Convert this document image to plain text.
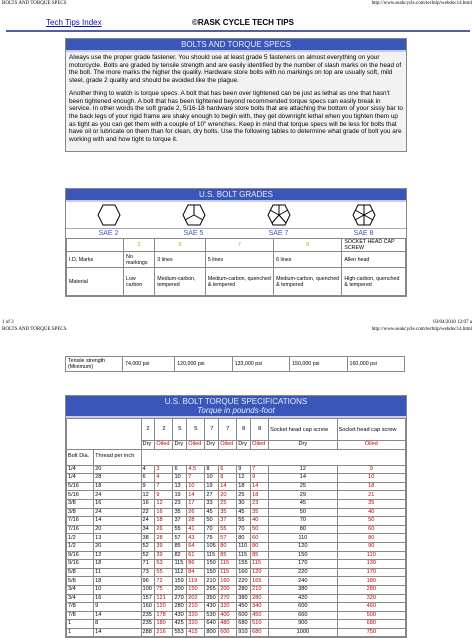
BOLTS AND TORQUE SPECS	http://www.seakcycle.com/techtip/webdoc14.html
Tech Tips Index	©RASK CYCLE TECH TIPS
BOLTS AND TORQUE SPECS

Always use the proper grade fastener. You should use at least grade 5 fasteners on almost everything on your motorcycle. Bolts are graded by tensile strength and are easily identified by the number of slash marks on the head of the bolt. The more marks the higher the quality. Hardware store bolts with no markings on top are usually soft, mild steel, grade 2 quality and should be avoided like the plague.

Another thing to watch is torque specs. A bolt that has been over tightened can be just as lethal as one that hasn't been tightened enough. A bolt that has been tightened beyond recommended torque specs can easily break in service. In other words the soft grade 2, 5/16-18 hardware store bolts that are attaching the bottom of your sissy bar to the back legs of your rigid frame are shaky enough to begin with, they get downright lethal when you tighten them up as tight as you can get them with a couple of 10" wrenches. Keep in mind that torque specs will be less for bolts that have oil or lubricate on them than for clean, dry bolts. Use the following tables to determine what grade of bolt you are working with and how tight to torque it.

U.S. BOLT GRADES
SAE 2	SAE 5	SAE 7	SAE 8
	2	5	7	8	SOCKET HEAD CAP SCREW
I.D. Marks	No markings	3 lines	5 lines	6 lines	Allen head
Material	Low carbon	Medium-carbon, tempered	Medium-carbon, quenched & tempered	Medium-carbon, quenched & tempered	High-carbon, quenched & tempered
1 of 3	03/04/2010 12:07 a
BOLTS AND TORQUE SPECS	http://www.seakcycle.com/techtip/webdoc14.html
Tensile strength (Minimum)	74,000 psi	120,000 psi	133,000 psi	150,000 psi	160,000 psi
U.S. BOLT TORQUE SPECIFICATIONS
Torque in pounds-foot
		2	2	5	5	7	7	8	8	Socket head cap screw	Socket head cap screw
		Dry	Oiled	Dry	Oiled	Dry	Oiled	Dry	Oiled	Dry	Oiled
Bolt Dia.	Thread per inch										
1/4	20	4	3	6	4.5	8	6	9	7	12	9
1/4	28	6	4	10	7	10	8	12	9	14	10
5/16	18	9	7	13	10	19	14	18	14	25	18
5/16	24	12	9	19	14	27	20	25	18	29	21
3/8	16	16	12	23	17	33	25	30	23	45	35
3/8	24	22	16	35	26	45	35	45	35	50	40
7/16	14	24	18	37	28	50	37	55	40	70	50
7/16	20	34	26	55	41	70	55	70	50	80	60
1/2	13	38	28	57	43	75	57	80	60	110	80
1/2	20	52	39	85	64	105	80	110	80	120	90
9/16	12	52	39	82	61	115	85	115	85	150	110
9/16	18	71	53	115	86	150	115	155	115	170	130
5/8	11	73	55	112	84	150	115	160	120	220	170
5/8	18	96	72	159	119	210	160	220	165	240	180
3/4	10	100	75	200	150	265	200	280	210	380	280
3/4	16	157	121	270	202	350	270	380	280	420	320
7/8	9	160	120	280	210	430	320	450	340	600	460
7/8	14	235	178	430	320	530	400	600	450	660	500
1	8	235	180	425	320	640	480	680	510	900	680
1	14	288	216	553	415	800	600	910	680	1000	750
